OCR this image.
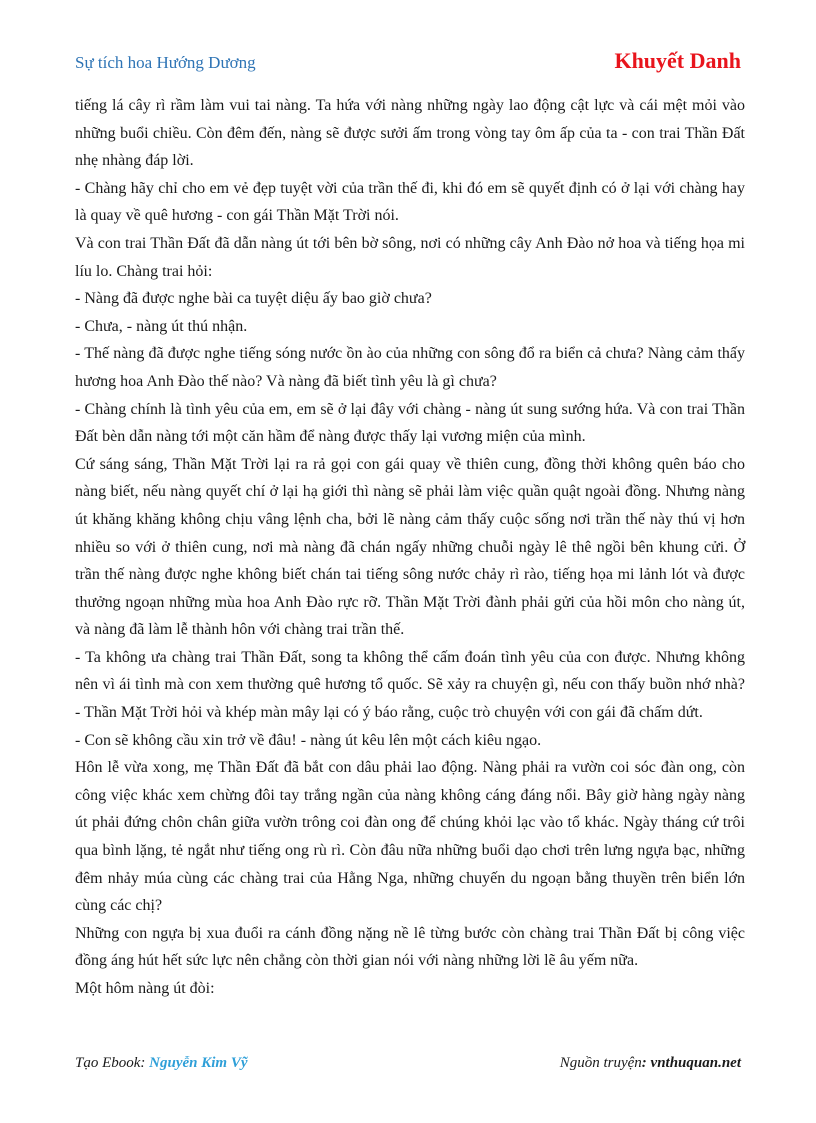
Sự tích hoa Hướng Dương	Khuyết Danh

tiếng lá cây rì rầm làm vui tai nàng. Ta hứa với nàng những ngày lao động cật lực và cái mệt mỏi vào những buổi chiều. Còn đêm đến, nàng sẽ được sưởi ấm trong vòng tay ôm ấp của ta - con trai Thần Đất nhẹ nhàng đáp lời.

- Chàng hãy chỉ cho em vẻ đẹp tuyệt vời của trần thế đi, khi đó em sẽ quyết định có ở lại với chàng hay là quay về quê hương - con gái Thần Mặt Trời nói.

Và con trai Thần Đất đã dẫn nàng út tới bên bờ sông, nơi có những cây Anh Đào nở hoa và tiếng họa mi líu lo. Chàng trai hỏi:

- Nàng đã được nghe bài ca tuyệt diệu ấy bao giờ chưa?

- Chưa, - nàng út thú nhận.

- Thế nàng đã được nghe tiếng sóng nước ồn ào của những con sông đổ ra biển cả chưa? Nàng cảm thấy hương hoa Anh Đào thế nào? Và nàng đã biết tình yêu là gì chưa?

- Chàng chính là tình yêu của em, em sẽ ở lại đây với chàng - nàng út sung sướng hứa. Và con trai Thần Đất bèn dẫn nàng tới một căn hầm để nàng được thấy lại vương miện của mình.

Cứ sáng sáng, Thần Mặt Trời lại ra rả gọi con gái quay về thiên cung, đồng thời không quên báo cho nàng biết, nếu nàng quyết chí ở lại hạ giới thì nàng sẽ phải làm việc quần quật ngoài đồng. Nhưng nàng út khăng khăng không chịu vâng lệnh cha, bởi lẽ nàng cảm thấy cuộc sống nơi trần thế này thú vị hơn nhiều so với ở thiên cung, nơi mà nàng đã chán ngấy những chuỗi ngày lê thê ngồi bên khung cửi. Ở trần thế nàng được nghe không biết chán tai tiếng sông nước chảy rì rào, tiếng họa mi lảnh lót và được thưởng ngoạn những mùa hoa Anh Đào rực rỡ. Thần Mặt Trời đành phải gửi của hồi môn cho nàng út, và nàng đã làm lễ thành hôn với chàng trai trần thế.

- Ta không ưa chàng trai Thần Đất, song ta không thể cấm đoán tình yêu của con được. Nhưng không nên vì ái tình mà con xem thường quê hương tổ quốc. Sẽ xảy ra chuyện gì, nếu con thấy buồn nhớ nhà? - Thần Mặt Trời hỏi và khép màn mây lại có ý báo rằng, cuộc trò chuyện với con gái đã chấm dứt.

- Con sẽ không cầu xin trở về đâu! - nàng út kêu lên một cách kiêu ngạo.

Hôn lễ vừa xong, mẹ Thần Đất đã bắt con dâu phải lao động. Nàng phải ra vườn coi sóc đàn ong, còn công việc khác xem chừng đôi tay trắng ngần của nàng không cáng đáng nổi. Bây giờ hàng ngày nàng út phải đứng chôn chân giữa vườn trông coi đàn ong để chúng khỏi lạc vào tổ khác. Ngày tháng cứ trôi qua bình lặng, tẻ ngắt như tiếng ong rù rì. Còn đâu nữa những buổi dạo chơi trên lưng ngựa bạc, những đêm nhảy múa cùng các chàng trai của Hằng Nga, những chuyến du ngoạn bằng thuyền trên biển lớn cùng các chị?

Những con ngựa bị xua đuổi ra cánh đồng nặng nề lê từng bước còn chàng trai Thần Đất bị công việc đồng áng hút hết sức lực nên chẳng còn thời gian nói với nàng những lời lẽ âu yếm nữa.

Một hôm nàng út đòi:

Tạo Ebook: Nguyễn Kim Vỹ	Nguồn truyện: vnthuquan.net
